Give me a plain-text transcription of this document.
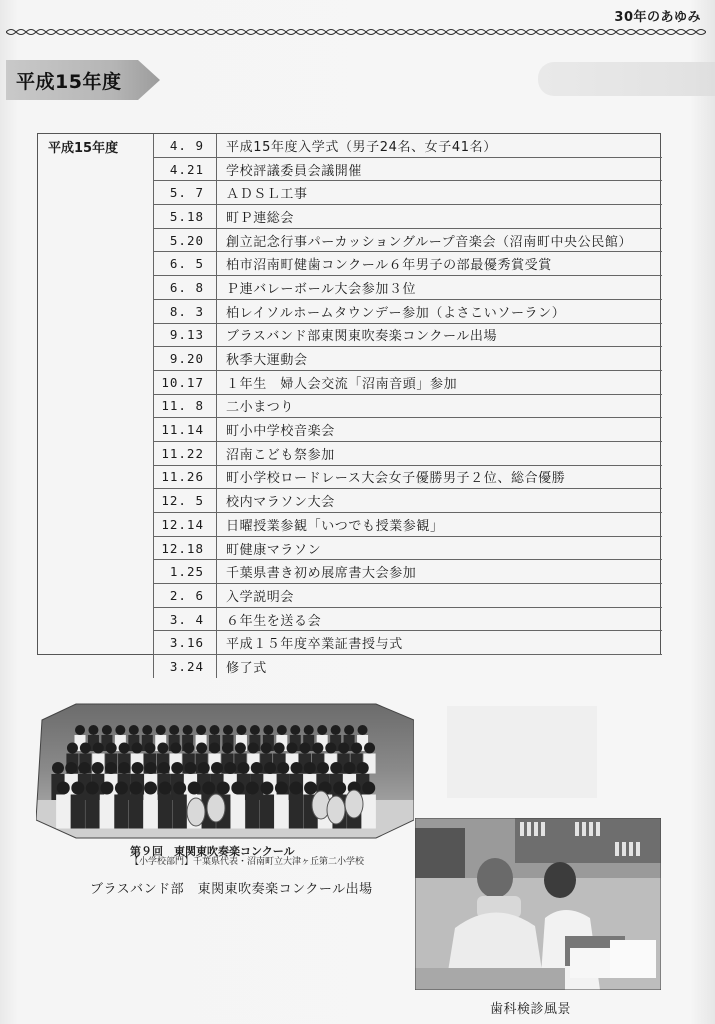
30年のあゆみ
平成15年度
平成15年度	4. 9	平成15年度入学式（男子24名、女子41名）
4.21	学校評議委員会議開催
5. 7	ＡＤＳＬ工事
5.18	町Ｐ連総会
5.20	創立記念行事パーカッショングループ音楽会（沼南町中央公民館）
6. 5	柏市沼南町健歯コンクール６年男子の部最優秀賞受賞
6. 8	Ｐ連バレーボール大会参加３位
8. 3	柏レイソルホームタウンデー参加（よさこいソーラン）
9.13	ブラスバンド部東関東吹奏楽コンクール出場
9.20	秋季大運動会
10.17	１年生　婦人会交流「沼南音頭」参加
11. 8	二小まつり
11.14	町小中学校音楽会
11.22	沼南こども祭参加
11.26	町小学校ロードレース大会女子優勝男子２位、総合優勝
12. 5	校内マラソン大会
12.14	日曜授業参観「いつでも授業参観」
12.18	町健康マラソン
1.25	千葉県書き初め展席書大会参加
2. 6	入学説明会
3. 4	６年生を送る会
3.16	平成１５年度卒業証書授与式
3.24	修了式
第９回　東関東吹奏楽コンクール
【小学校部門】千葉県代表・沼南町立大津ヶ丘第二小学校
ブラスバンド部　東関東吹奏楽コンクール出場
歯科検診風景
